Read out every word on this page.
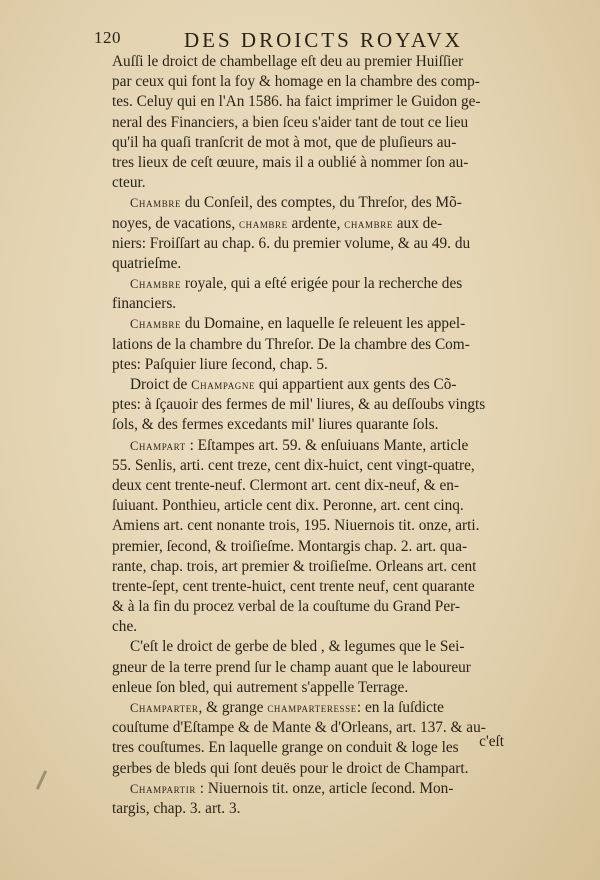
120	DES DROICTS ROYAVX
Auſſi le droict de chambellage eſt deu au premier Huiſſier
par ceux qui font la foy & homage en la chambre des comp-
tes. Celuy qui en l'An 1586. ha faict imprimer le Guidon ge-
neral des Financiers, a bien ſceu s'aider tant de tout ce lieu
qu'il ha quaſi tranſcrit de mot à mot, que de pluſieurs au-
tres lieux de ceſt œuure, mais il a oublié à nommer ſon au-
cteur.
Chambre du Conſeil, des comptes, du Threſor, des Mõ-
noyes, de vacations, chambre ardente, chambre aux de-
niers: Froiſſart au chap. 6. du premier volume, & au 49. du
quatrieſme.
Chambre royale, qui a eſté erigée pour la recherche des
financiers.
Chambre du Domaine, en laquelle ſe releuent les appel-
lations de la chambre du Threſor. De la chambre des Com-
ptes: Paſquier liure ſecond, chap. 5.
Droict de Champagne qui appartient aux gents des Cõ-
ptes: à ſçauoir des fermes de mil' liures, & au deſſoubs vingts
ſols, & des fermes excedants mil' liures quarante ſols.
Champart : Eſtampes art. 59. & enſuiuans Mante, article
55. Senlis, arti. cent treze, cent dix-huict, cent vingt-quatre,
deux cent trente-neuf. Clermont art. cent dix-neuf, & en-
ſuiuant. Ponthieu, article cent dix. Peronne, art. cent cinq.
Amiens art. cent nonante trois, 195. Niuernois tit. onze, arti.
premier, ſecond, & troiſieſme. Montargis chap. 2. art. qua-
rante, chap. trois, art premier & troiſieſme. Orleans art. cent
trente-ſept, cent trente-huict, cent trente neuf, cent quarante
& à la fin du procez verbal de la couſtume du Grand Per-
che.
C'eſt le droict de gerbe de bled , & legumes que le Sei-
gneur de la terre prend ſur le champ auant que le laboureur
enleue ſon bled, qui autrement s'appelle Terrage.
Champarter, & grange champarteresse: en la ſuſdicte
couſtume d'Eſtampe & de Mante & d'Orleans, art. 137. & au-
tres couſtumes. En laquelle grange on conduit & loge les
gerbes de bleds qui ſont deuës pour le droict de Champart.
Champartir : Niuernois tit. onze, article ſecond. Mon-
targis, chap. 3. art. 3.
c'eſt
